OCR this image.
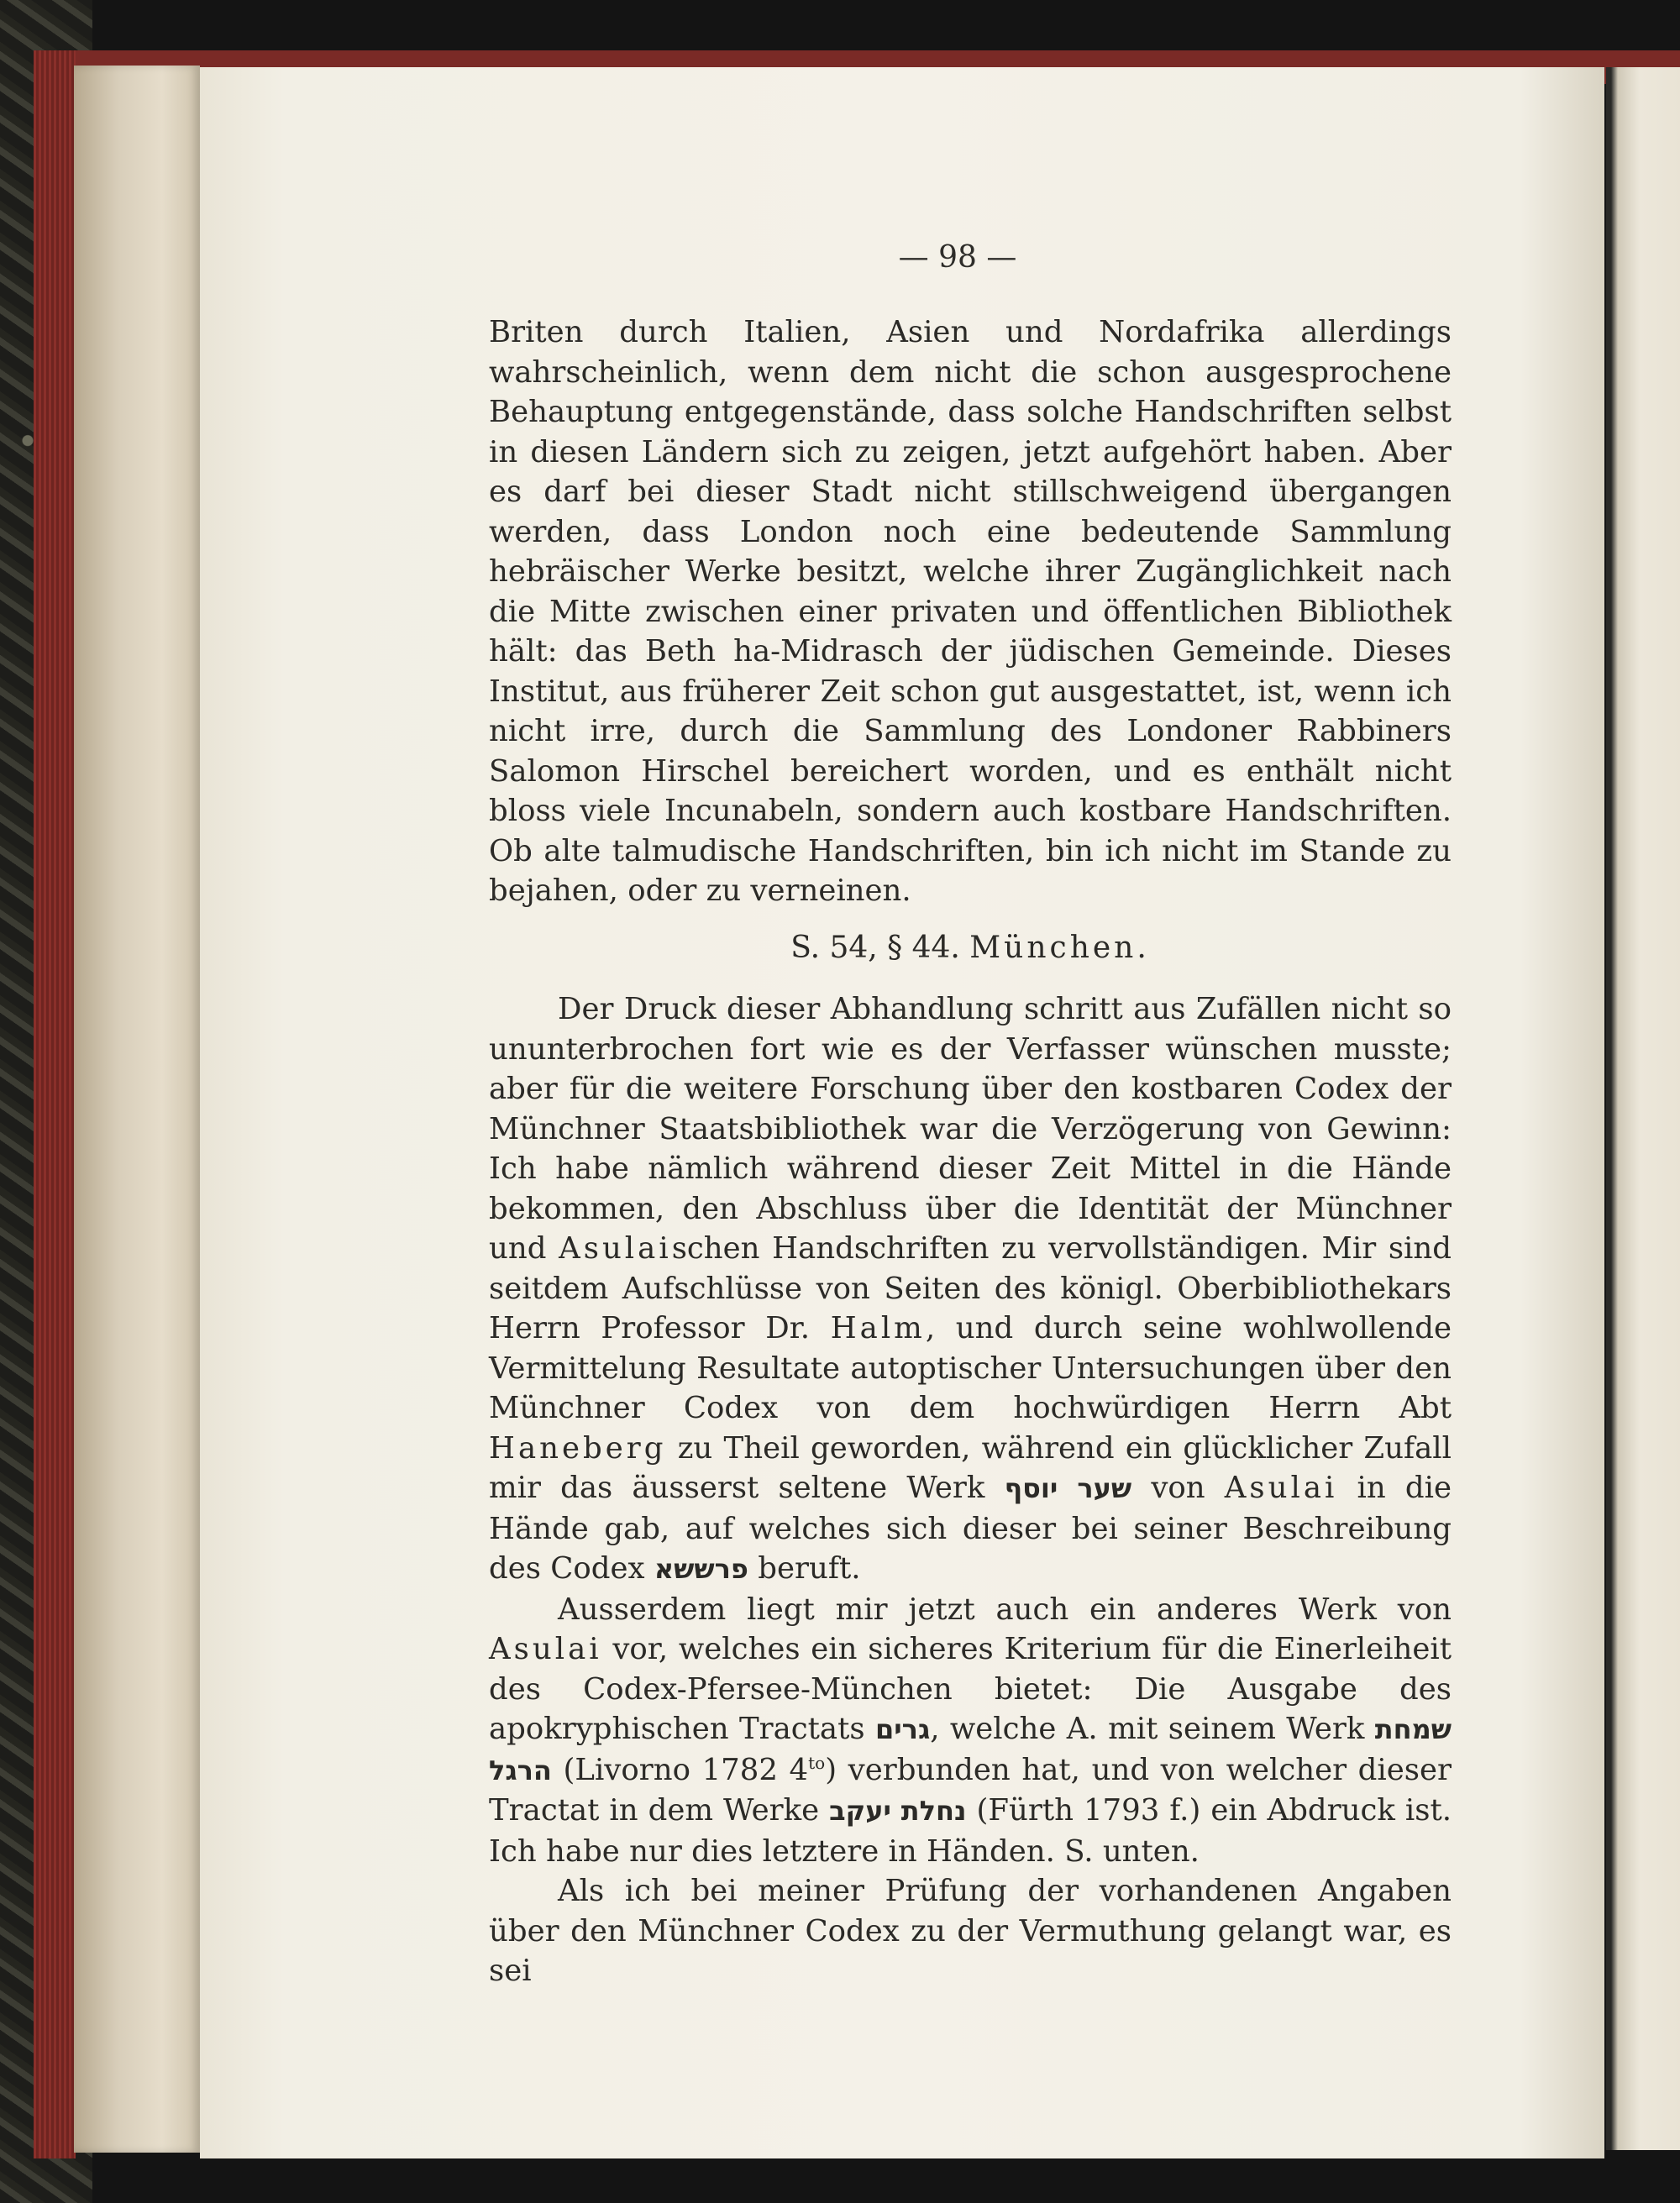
— 98 —

Briten durch Italien, Asien und Nordafrika allerdings wahrscheinlich, wenn dem nicht die schon ausgesprochene Behauptung entgegenstände, dass solche Handschriften selbst in diesen Ländern sich zu zeigen, jetzt aufgehört haben. Aber es darf bei dieser Stadt nicht stillschweigend übergangen werden, dass London noch eine bedeutende Sammlung hebräischer Werke besitzt, welche ihrer Zugänglichkeit nach die Mitte zwischen einer privaten und öffentlichen Bibliothek hält: das Beth ha-Midrasch der jüdischen Gemeinde. Dieses Institut, aus früherer Zeit schon gut ausgestattet, ist, wenn ich nicht irre, durch die Sammlung des Londoner Rabbiners Salomon Hirschel bereichert worden, und es enthält nicht bloss viele Incunabeln, sondern auch kostbare Handschriften. Ob alte talmudische Handschriften, bin ich nicht im Stande zu bejahen, oder zu verneinen.

S. 54, § 44. München.

Der Druck dieser Abhandlung schritt aus Zufällen nicht so ununterbrochen fort wie es der Verfasser wünschen musste; aber für die weitere Forschung über den kostbaren Codex der Münchner Staatsbibliothek war die Verzögerung von Gewinn: Ich habe nämlich während dieser Zeit Mittel in die Hände bekommen, den Abschluss über die Identität der Münchner und Asulaischen Handschriften zu vervollständigen. Mir sind seitdem Aufschlüsse von Seiten des königl. Oberbibliothekars Herrn Professor Dr. Halm, und durch seine wohlwollende Vermittelung Resultate autoptischer Untersuchungen über den Münchner Codex von dem hochwürdigen Herrn Abt Haneberg zu Theil geworden, während ein glücklicher Zufall mir das äusserst seltene Werk שער יוסף von Asulai in die Hände gab, auf welches sich dieser bei seiner Beschreibung des Codex פרששא beruft.

Ausserdem liegt mir jetzt auch ein anderes Werk von Asulai vor, welches ein sicheres Kriterium für die Einerleiheit des Codex-Pfersee-München bietet: Die Ausgabe des apokryphischen Tractats גרים, welche A. mit seinem Werk שמחת הרגל (Livorno 1782 $4^{to}$) verbunden hat, und von welcher dieser Tractat in dem Werke נחלת יעקב (Fürth 1793 f.) ein Abdruck ist. Ich habe nur dies letztere in Händen. S. unten.

Als ich bei meiner Prüfung der vorhandenen Angaben über den Münchner Codex zu der Vermuthung gelangt war, es sei
